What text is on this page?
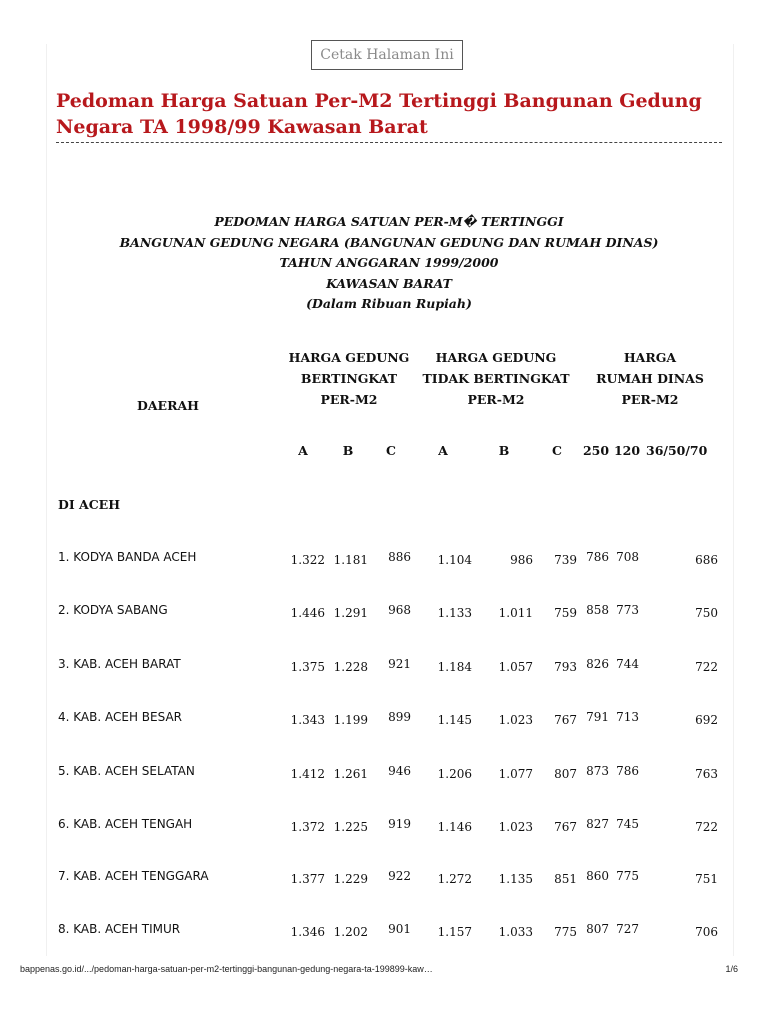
Cetak Halaman Ini
Pedoman Harga Satuan Per-M2 Tertinggi Bangunan Gedung Negara TA 1998/99 Kawasan Barat
PEDOMAN HARGA SATUAN PER-M� TERTINGGI
BANGUNAN GEDUNG NEGARA (BANGUNAN GEDUNG DAN RUMAH DINAS)
TAHUN ANGGARAN 1999/2000
KAWASAN BARAT
(Dalam Ribuan Rupiah)
HARGA GEDUNG
BERTINGKAT
PER-M2
HARGA GEDUNG
TIDAK BERTINGKAT
PER-M2
HARGA
RUMAH DINAS
PER-M2
DAERAH
A	B	C	A	B	C	250 120 36/50/70
DI ACEH
1. KODYA BANDA ACEH	1.322 1.181	886	1.104	986	739 786 708	686
2. KODYA SABANG	1.446 1.291	968	1.133	1.011	759 858 773	750
3. KAB. ACEH BARAT	1.375 1.228	921	1.184	1.057	793 826 744	722
4. KAB. ACEH BESAR	1.343 1.199	899	1.145	1.023	767 791 713	692
5. KAB. ACEH SELATAN	1.412 1.261	946	1.206	1.077	807 873 786	763
6. KAB. ACEH TENGAH	1.372 1.225	919	1.146	1.023	767 827 745	722
7. KAB. ACEH TENGGARA	1.377 1.229	922	1.272	1.135	851 860 775	751
8. KAB. ACEH TIMUR	1.346 1.202	901	1.157	1.033	775 807 727	706
bappenas.go.id/.../pedoman-harga-satuan-per-m2-tertinggi-bangunan-gedung-negara-ta-199899-kaw…	1/6
